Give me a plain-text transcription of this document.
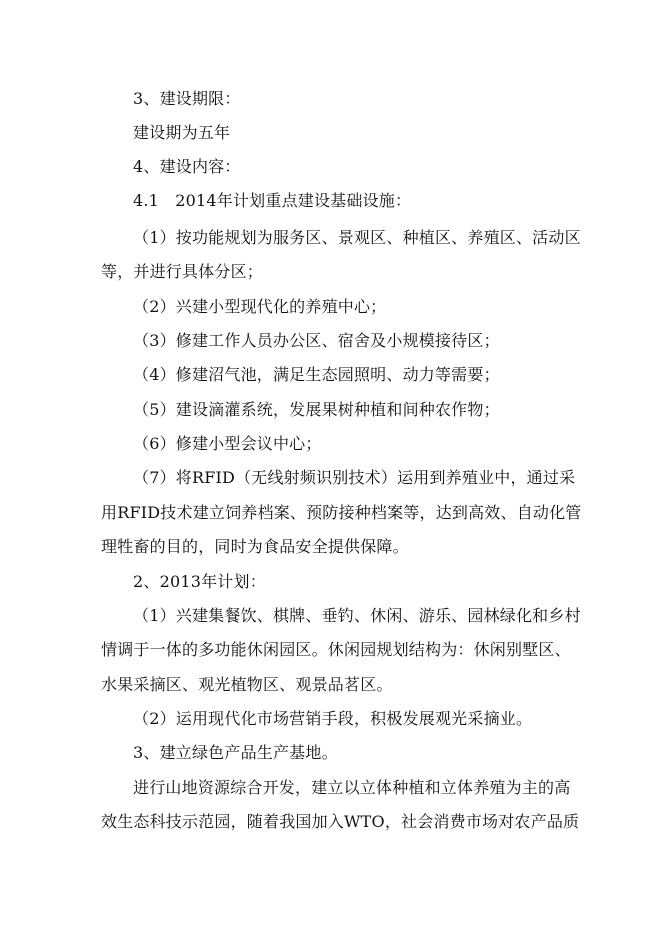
3、建设期限：
建设期为五年
4、建设内容：
4.1　2014年计划重点建设基础设施：
（1）按功能规划为服务区、景观区、种植区、养殖区、活动区
等，并进行具体分区；
（2）兴建小型现代化的养殖中心；
（3）修建工作人员办公区、宿舍及小规模接待区；
（4）修建沼气池，满足生态园照明、动力等需要；
（5）建设滴灌系统，发展果树种植和间种农作物；
（6）修建小型会议中心；
（7）将RFID（无线射频识别技术）运用到养殖业中，通过采
用RFID技术建立饲养档案、预防接种档案等，达到高效、自动化管
理牲畜的目的，同时为食品安全提供保障。
2、2013年计划：
（1）兴建集餐饮、棋牌、垂钓、休闲、游乐、园林绿化和乡村
情调于一体的多功能休闲园区。休闲园规划结构为：休闲别墅区、
水果采摘区、观光植物区、观景品茗区。
（2）运用现代化市场营销手段，积极发展观光采摘业。
3、建立绿色产品生产基地。
进行山地资源综合开发，建立以立体种植和立体养殖为主的高
效生态科技示范园，随着我国加入WTO，社会消费市场对农产品质
